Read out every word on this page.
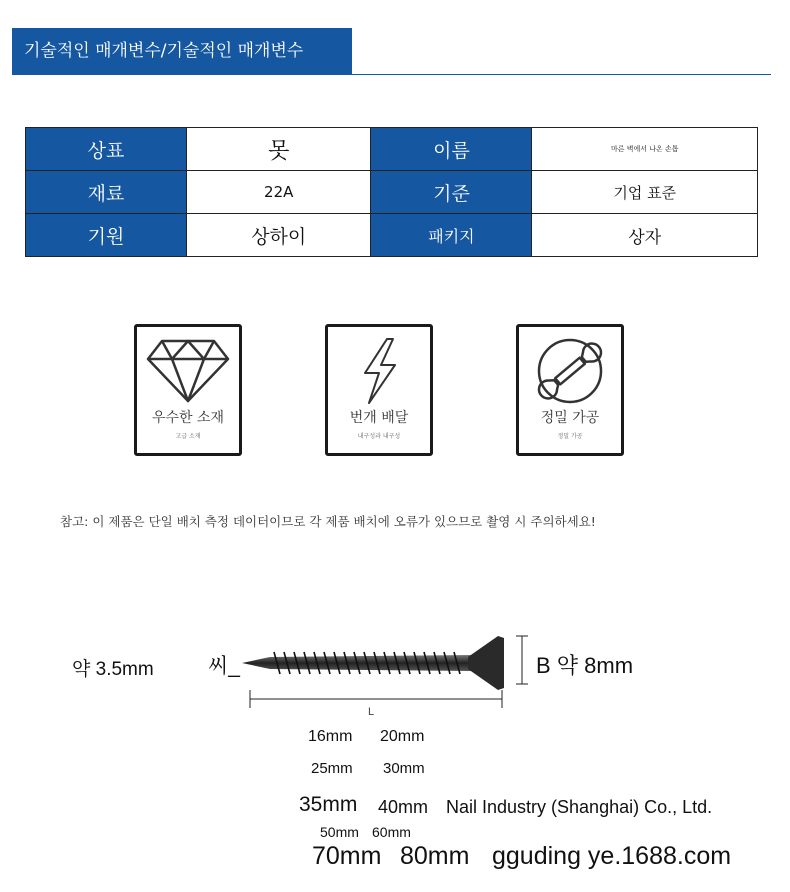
기술적인 매개변수/기술적인 매개변수
상표	못	이름	마른 벽에서 나온 손톱
재료	22A	기준	기업 표준
기원	상하이	패키지	상자
우수한 소재
고급 소재
번개 배달
내구성과 내구성
정밀 가공
정밀 가공
참고: 이 제품은 단일 배치 측정 데이터이므로 각 제품 배치에 오류가 있으므로 촬영 시 주의하세요!
약 3.5mm	씨_	B 약 8mm
L
16mm 20mm
25mm 30mm
35mm 40mm Nail Industry (Shanghai) Co., Ltd.
50mm 60mm
70mm 80mm gguding ye.1688.com
